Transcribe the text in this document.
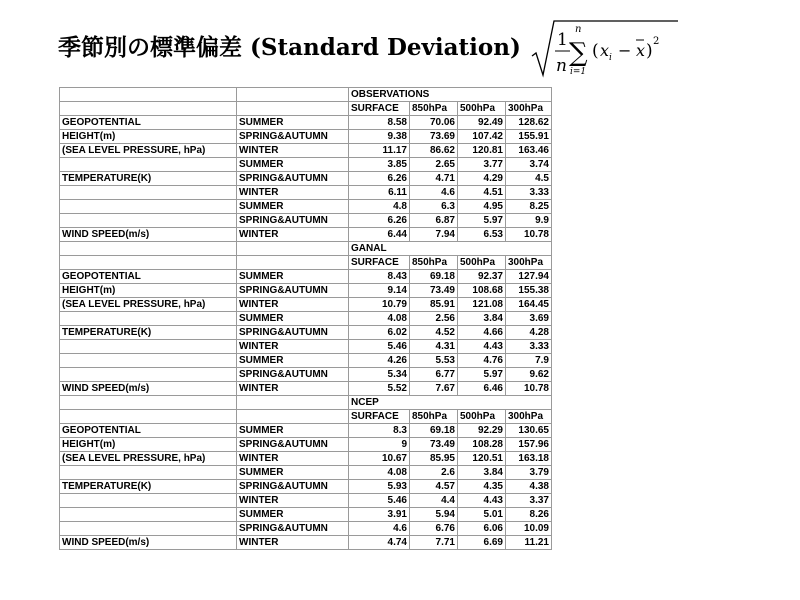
季節別の標準偏差 (Standard Deviation) 1
n
n
∑
i=1
( x i − x ) 2
		OBSERVATIONS			
		SURFACE	850hPa	500hPa	300hPa
GEOPOTENTIAL	SUMMER	8.58	70.06	92.49	128.62
HEIGHT(m)	SPRING&AUTUMN	9.38	73.69	107.42	155.91
(SEA LEVEL PRESSURE, hPa)	WINTER	11.17	86.62	120.81	163.46
	SUMMER	3.85	2.65	3.77	3.74
TEMPERATURE(K)	SPRING&AUTUMN	6.26	4.71	4.29	4.5
	WINTER	6.11	4.6	4.51	3.33
	SUMMER	4.8	6.3	4.95	8.25
	SPRING&AUTUMN	6.26	6.87	5.97	9.9
WIND SPEED(m/s)	WINTER	6.44	7.94	6.53	10.78
		GANAL			
		SURFACE	850hPa	500hPa	300hPa
GEOPOTENTIAL	SUMMER	8.43	69.18	92.37	127.94
HEIGHT(m)	SPRING&AUTUMN	9.14	73.49	108.68	155.38
(SEA LEVEL PRESSURE, hPa)	WINTER	10.79	85.91	121.08	164.45
	SUMMER	4.08	2.56	3.84	3.69
TEMPERATURE(K)	SPRING&AUTUMN	6.02	4.52	4.66	4.28
	WINTER	5.46	4.31	4.43	3.33
	SUMMER	4.26	5.53	4.76	7.9
	SPRING&AUTUMN	5.34	6.77	5.97	9.62
WIND SPEED(m/s)	WINTER	5.52	7.67	6.46	10.78
		NCEP			
		SURFACE	850hPa	500hPa	300hPa
GEOPOTENTIAL	SUMMER	8.3	69.18	92.29	130.65
HEIGHT(m)	SPRING&AUTUMN	9	73.49	108.28	157.96
(SEA LEVEL PRESSURE, hPa)	WINTER	10.67	85.95	120.51	163.18
	SUMMER	4.08	2.6	3.84	3.79
TEMPERATURE(K)	SPRING&AUTUMN	5.93	4.57	4.35	4.38
	WINTER	5.46	4.4	4.43	3.37
	SUMMER	3.91	5.94	5.01	8.26
	SPRING&AUTUMN	4.6	6.76	6.06	10.09
WIND SPEED(m/s)	WINTER	4.74	7.71	6.69	11.21
